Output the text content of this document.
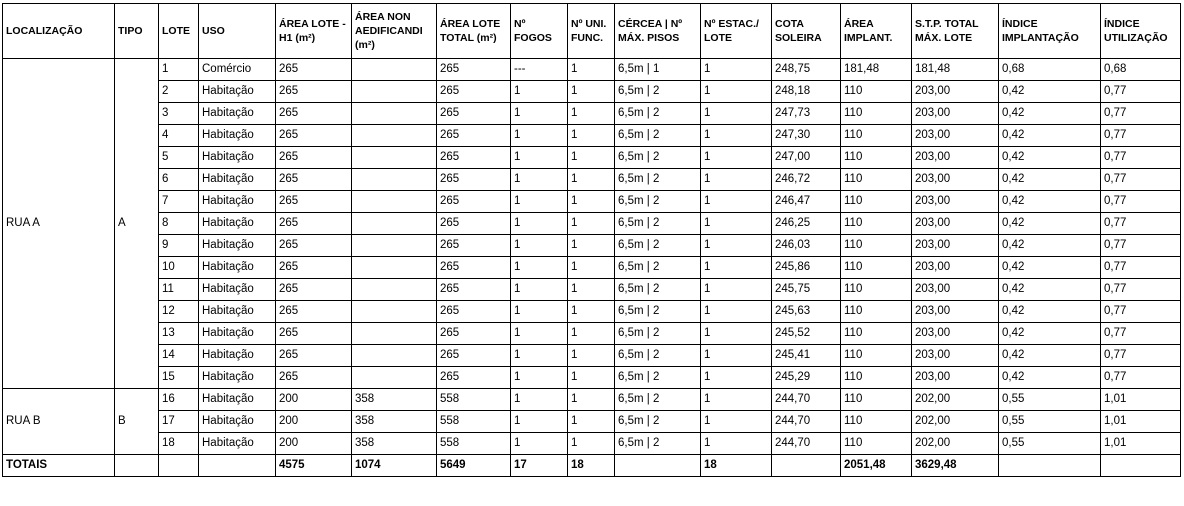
LOCALIZAÇÃO	TIPO	LOTE	USO	ÁREA LOTE - H1 (m²)	ÁREA NON AEDIFICANDI (m²)	ÁREA LOTE TOTAL (m²)	Nº FOGOS	Nº UNI. FUNC.	CÉRCEA | Nº MÁX. PISOS	Nº ESTAC./ LOTE	COTA SOLEIRA	ÁREA IMPLANT.	S.T.P. TOTAL MÁX. LOTE	ÍNDICE IMPLANTAÇÃO	ÍNDICE UTILIZAÇÃO
RUA A	A	1	Comércio	265		265	---	1	6,5m | 1	1	248,75	181,48	181,48	0,68	0,68
		2	Habitação	265		265	1	1	6,5m | 2	1	248,18	110	203,00	0,42	0,77
		3	Habitação	265		265	1	1	6,5m | 2	1	247,73	110	203,00	0,42	0,77
		4	Habitação	265		265	1	1	6,5m | 2	1	247,30	110	203,00	0,42	0,77
		5	Habitação	265		265	1	1	6,5m | 2	1	247,00	110	203,00	0,42	0,77
		6	Habitação	265		265	1	1	6,5m | 2	1	246,72	110	203,00	0,42	0,77
		7	Habitação	265		265	1	1	6,5m | 2	1	246,47	110	203,00	0,42	0,77
		8	Habitação	265		265	1	1	6,5m | 2	1	246,25	110	203,00	0,42	0,77
		9	Habitação	265		265	1	1	6,5m | 2	1	246,03	110	203,00	0,42	0,77
		10	Habitação	265		265	1	1	6,5m | 2	1	245,86	110	203,00	0,42	0,77
		11	Habitação	265		265	1	1	6,5m | 2	1	245,75	110	203,00	0,42	0,77
		12	Habitação	265		265	1	1	6,5m | 2	1	245,63	110	203,00	0,42	0,77
		13	Habitação	265		265	1	1	6,5m | 2	1	245,52	110	203,00	0,42	0,77
		14	Habitação	265		265	1	1	6,5m | 2	1	245,41	110	203,00	0,42	0,77
		15	Habitação	265		265	1	1	6,5m | 2	1	245,29	110	203,00	0,42	0,77
RUA B	B	16	Habitação	200	358	558	1	1	6,5m | 2	1	244,70	110	202,00	0,55	1,01
		17	Habitação	200	358	558	1	1	6,5m | 2	1	244,70	110	202,00	0,55	1,01
		18	Habitação	200	358	558	1	1	6,5m | 2	1	244,70	110	202,00	0,55	1,01
TOTAIS				4575	1074	5649	17	18		18		2051,48	3629,48		
